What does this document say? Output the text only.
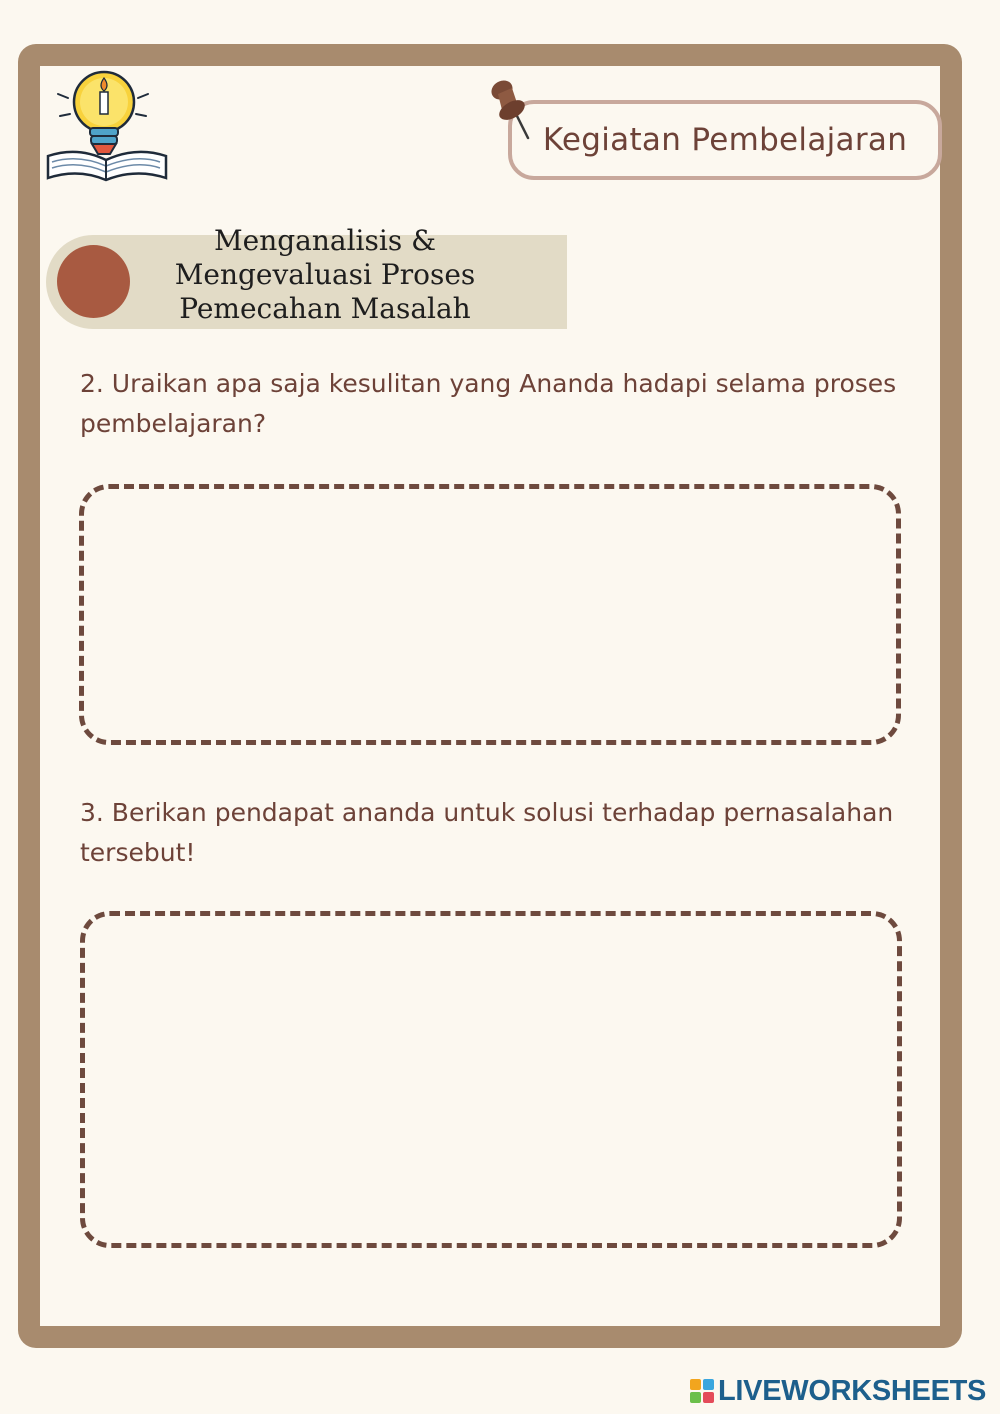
Kegiatan Pembelajaran
Menganalisis & Mengevaluasi Proses Pemecahan Masalah

2. Uraikan apa saja kesulitan yang Ananda hadapi selama proses pembelajaran?

3. Berikan pendapat ananda untuk solusi terhadap pernasalahan tersebut!

LIVEWORKSHEETS
